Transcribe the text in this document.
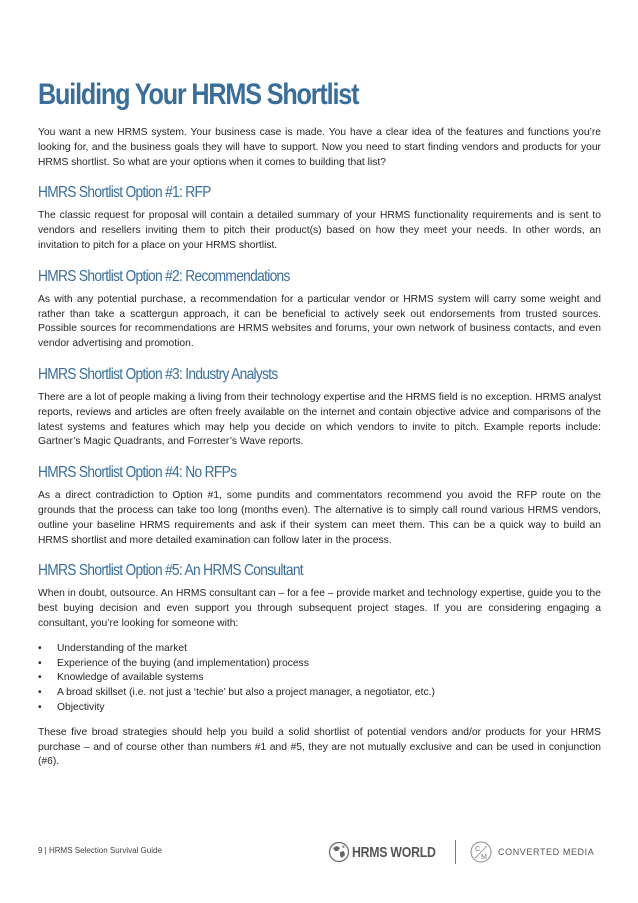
Building Your HRMS Shortlist

You want a new HRMS system. Your business case is made. You have a clear idea of the features and functions you’re looking for, and the business goals they will have to support. Now you need to start finding vendors and products for your HRMS shortlist. So what are your options when it comes to building that list?

HMRS Shortlist Option #1: RFP

The classic request for proposal will contain a detailed summary of your HRMS functionality requirements and is sent to vendors and resellers inviting them to pitch their product(s) based on how they meet your needs. In other words, an invitation to pitch for a place on your HRMS shortlist.

HMRS Shortlist Option #2: Recommendations

As with any potential purchase, a recommendation for a particular vendor or HRMS system will carry some weight and rather than take a scattergun approach, it can be beneficial to actively seek out endorsements from trusted sources. Possible sources for recommendations are HRMS websites and forums, your own network of business contacts, and even vendor advertising and promotion.

HMRS Shortlist Option #3: Industry Analysts

There are a lot of people making a living from their technology expertise and the HRMS field is no exception. HRMS analyst reports, reviews and articles are often freely available on the internet and contain objective advice and comparisons of the latest systems and features which may help you decide on which vendors to invite to pitch. Example reports include: Gartner’s Magic Quadrants, and Forrester’s Wave reports.

HMRS Shortlist Option #4: No RFPs

As a direct contradiction to Option #1, some pundits and commentators recommend you avoid the RFP route on the grounds that the process can take too long (months even). The alternative is to simply call round various HRMS vendors, outline your baseline HRMS requirements and ask if their system can meet them. This can be a quick way to build an HRMS shortlist and more detailed examination can follow later in the process.

HMRS Shortlist Option #5: An HRMS Consultant

When in doubt, outsource. An HRMS consultant can – for a fee – provide market and technology expertise, guide you to the best buying decision and even support you through subsequent project stages. If you are considering engaging a consultant, you’re looking for someone with:

• Understanding of the market
• Experience of the buying (and implementation) process
• Knowledge of available systems
• A broad skillset (i.e. not just a ‘techie’ but also a project manager, a negotiator, etc.)
• Objectivity

These five broad strategies should help you build a solid shortlist of potential vendors and/or products for your HRMS purchase – and of course other than numbers #1 and #5, they are not mutually exclusive and can be used in conjunction (#6).

9 | HRMS Selection Survival Guide	HRMS WORLD	C
M
CONVERTED MEDIA
